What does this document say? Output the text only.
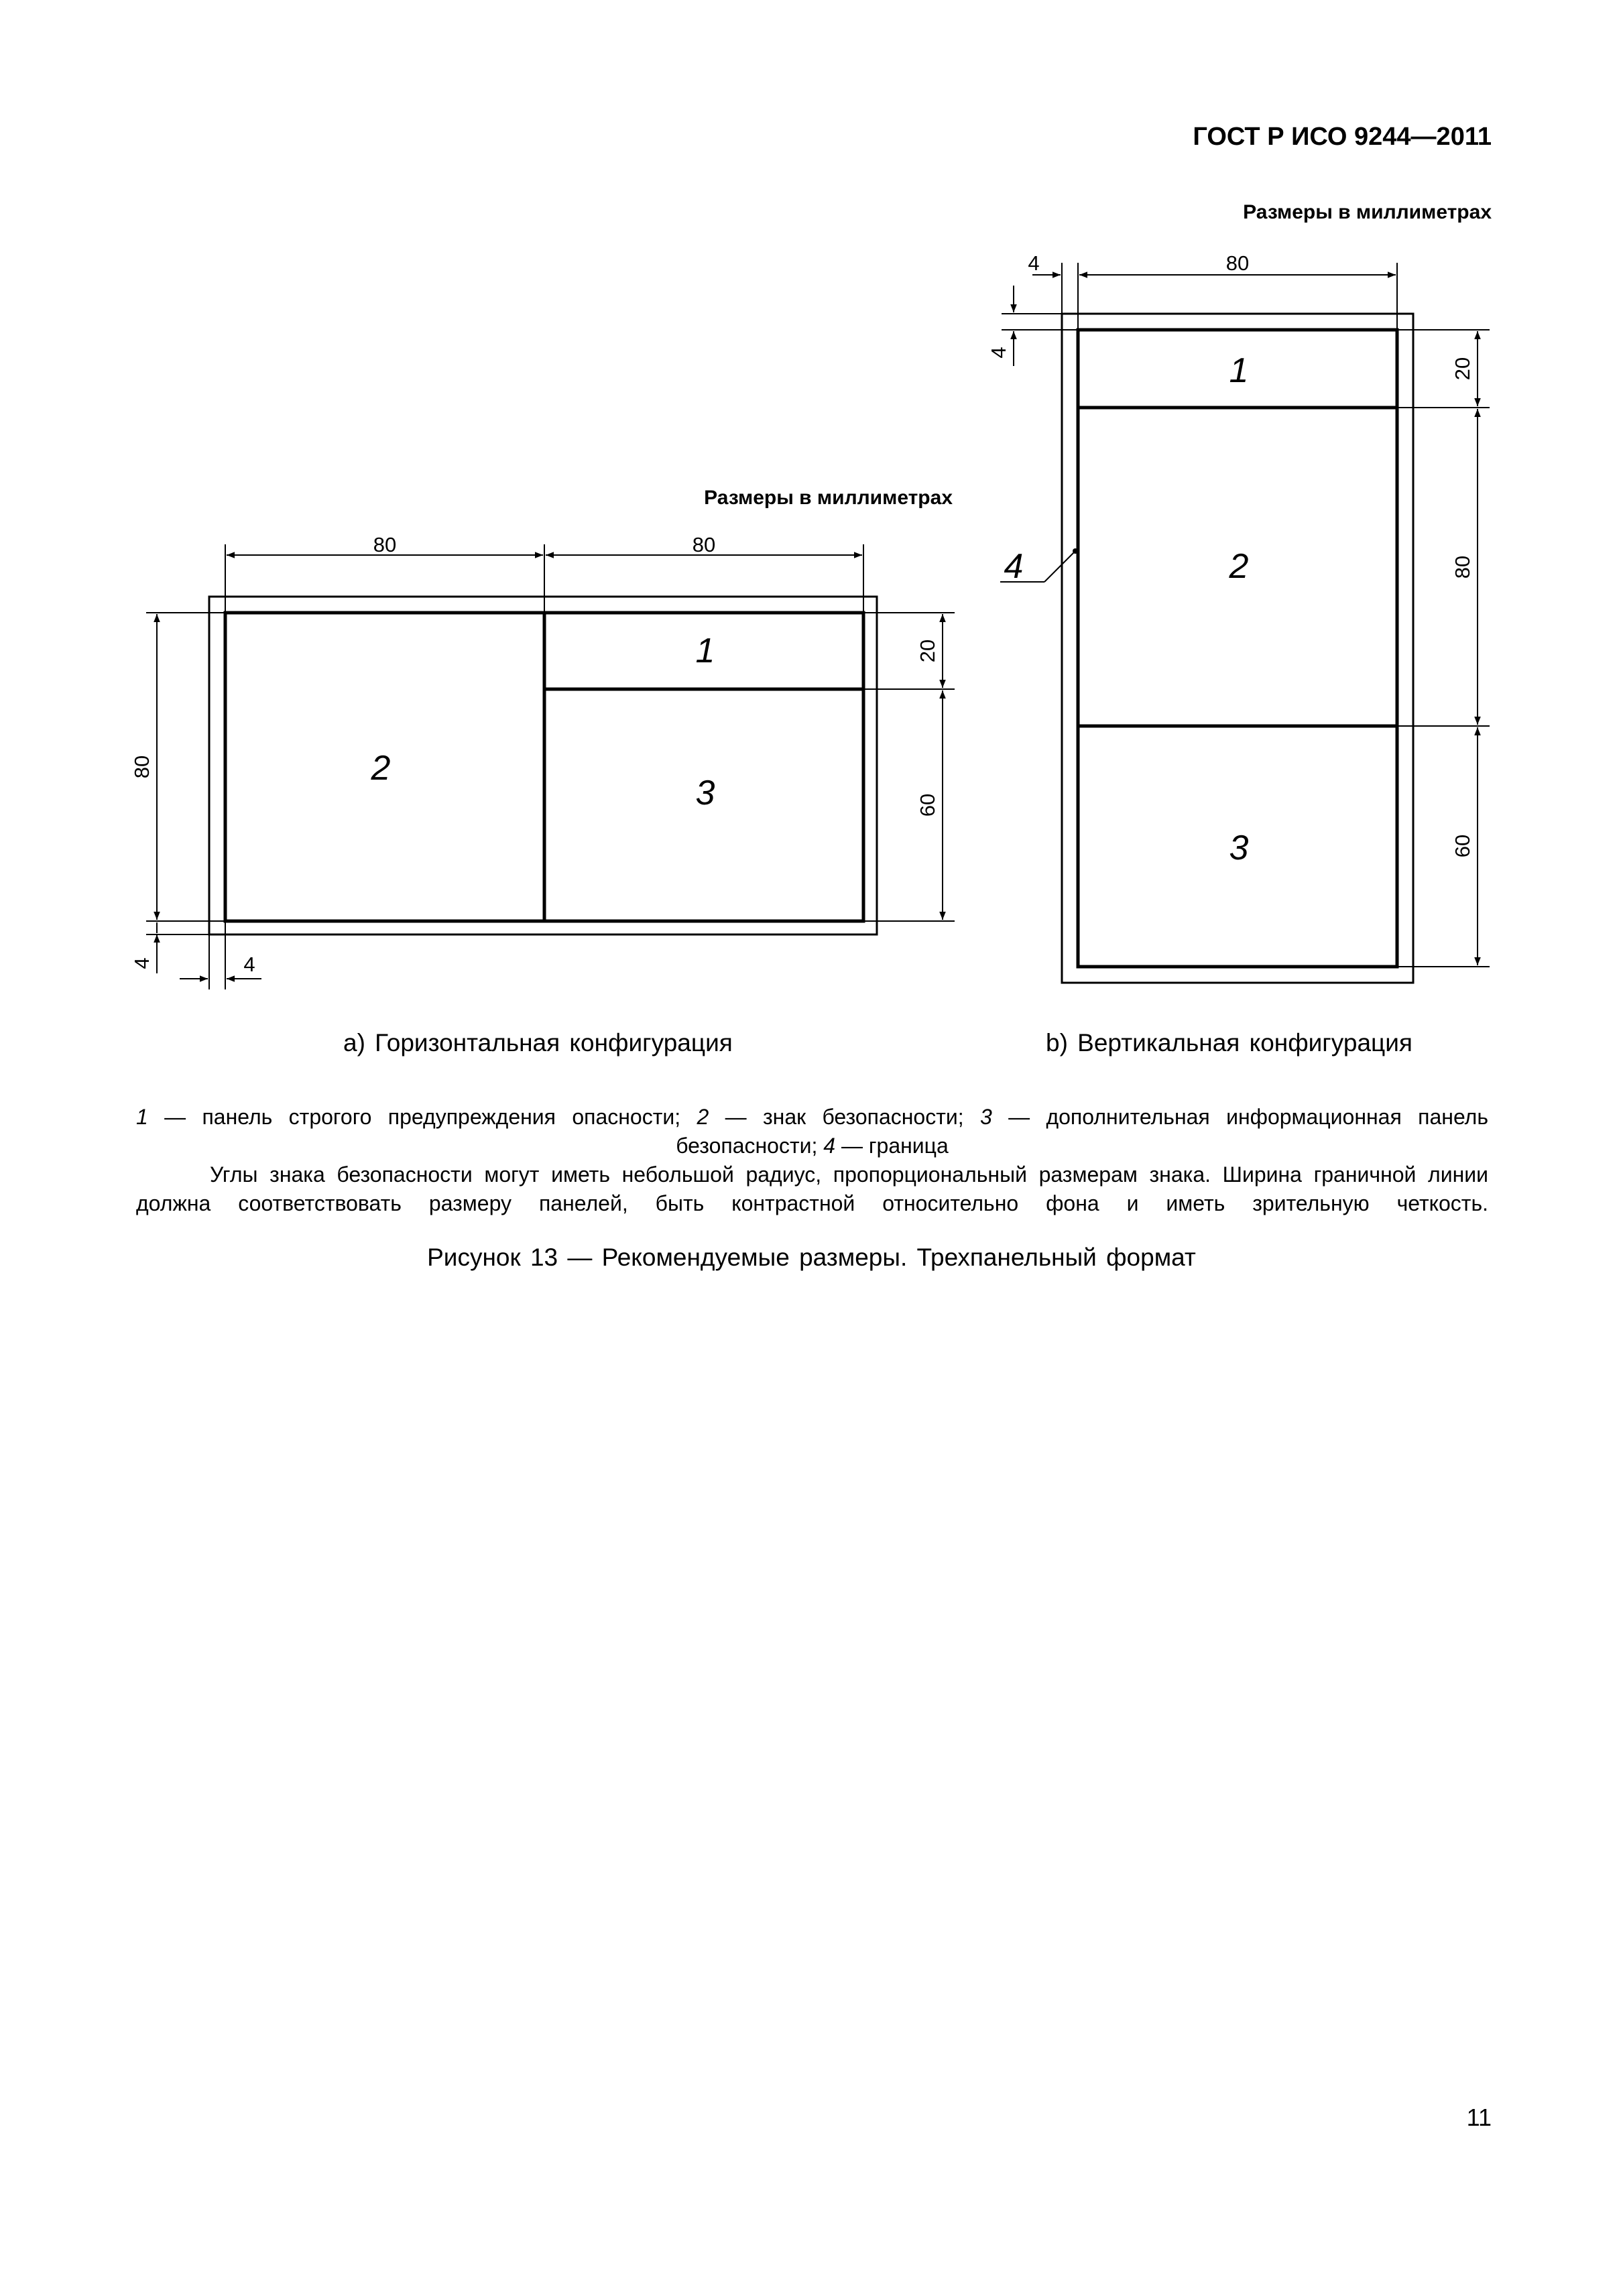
ГОСТ Р ИСО 9244—2011
Размеры в миллиметрах
Размеры в миллиметрах
1
2
3
80	80
80
4	4
20
60
1
2
3
4
80
4
4
20
80
60
а) Горизонтальная конфигурация	b) Вертикальная конфигурация
1 — панель строгого предупреждения опасности; 2 — знак безопасности; 3 — дополнительная информационная панель
безопасности; 4 — граница
Углы знака безопасности могут иметь небольшой радиус, пропорциональный размерам знака. Ширина граничной линии
должна соответствовать размеру панелей, быть контрастной относительно фона и иметь зрительную четкость.
Рисунок 13 — Рекомендуемые размеры. Трехпанельный формат
11
